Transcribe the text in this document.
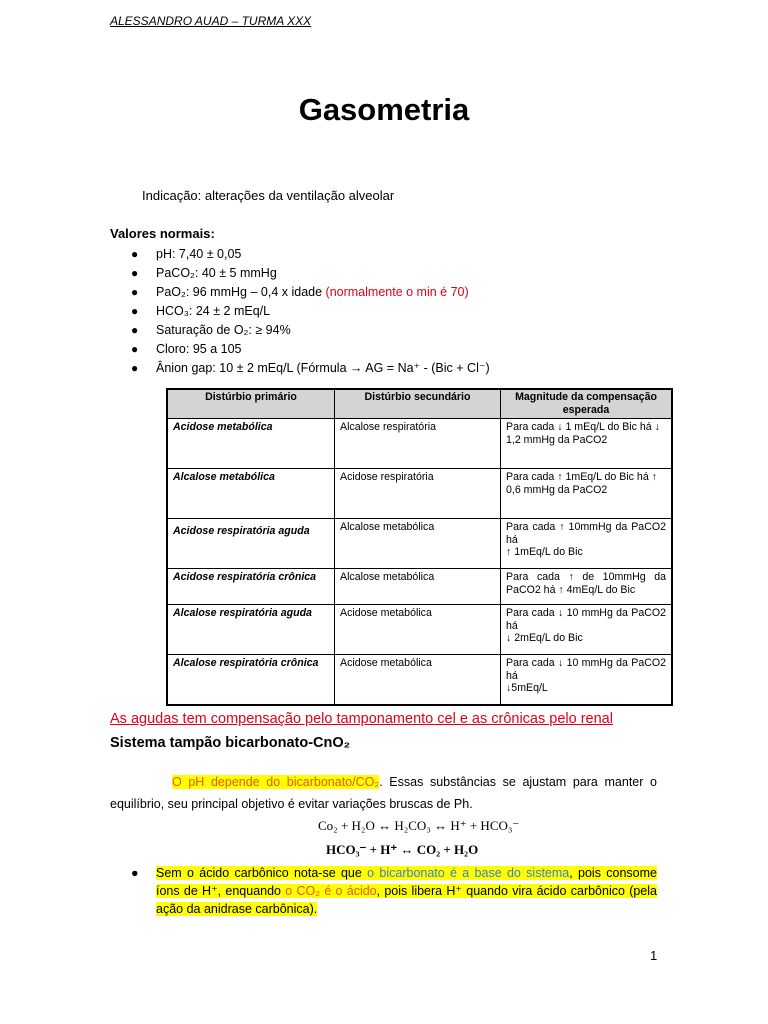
ALESSANDRO AUAD – TURMA XXX
Gasometria
Indicação: alterações da ventilação alveolar
Valores normais:
● pH: 7,40 ± 0,05
● PaCO₂: 40 ± 5 mmHg
● PaO₂: 96 mmHg – 0,4 x idade (normalmente o min é 70)
● HCO₃: 24 ± 2 mEq/L
● Saturação de O₂: ≥ 94%
● Cloro: 95 a 105
● Ânion gap: 10 ± 2 mEq/L (Fórmula → AG = Na⁺ - (Bic + Cl⁻)
Distúrbio primário	Distúrbio secundário	Magnitude da compensação esperada
Acidose metabólica	Alcalose respiratória	Para cada ↓ 1 mEq/L do Bic há ↓
1,2 mmHg da PaCO2
Alcalose metabólica	Acidose respiratória	Para cada ↑ 1mEq/L do Bic há ↑
0,6 mmHg da PaCO2
Acidose respiratória aguda	Alcalose metabólica	Para cada ↑ 10mmHg da PaCO2 há
↑ 1mEq/L do Bic
Acidose respiratória crônica	Alcalose metabólica	Para cada ↑ de 10mmHg da PaCO2 há ↑ 4mEq/L do Bic
Alcalose respiratória aguda	Acidose metabólica	Para cada ↓ 10 mmHg da PaCO2 há
↓ 2mEq/L do Bic
Alcalose respiratória crônica	Acidose metabólica	Para cada ↓ 10 mmHg da PaCO2 há
↓5mEq/L
As agudas tem compensação pelo tamponamento cel e as crônicas pelo renal
Sistema tampão bicarbonato-CnO₂
O pH depende do bicarbonato/CO₂. Essas substâncias se ajustam para manter o equilíbrio, seu principal objetivo é evitar variações bruscas de Ph.
Co₂ + H₂O ↔ H₂CO₃ ↔ H⁺ + HCO₃⁻
HCO₃⁻ + H⁺ ↔ CO₂ + H₂O
●	Sem o ácido carbônico nota-se que o bicarbonato é a base do sistema, pois consome íons de H⁺, enquando o CO₂ é o ácido, pois libera H⁺ quando vira ácido carbônico (pela ação da anidrase carbônica).
1
